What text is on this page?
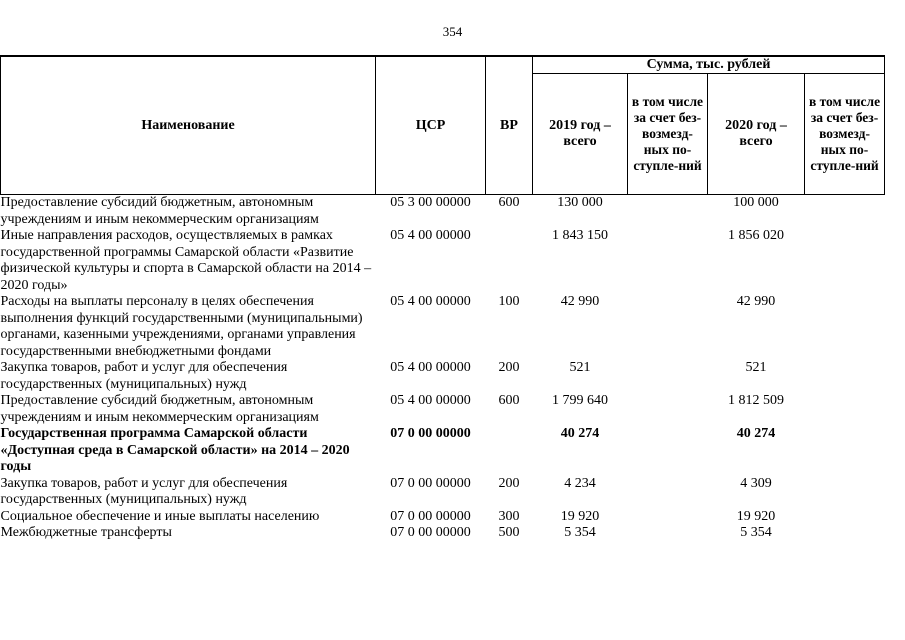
354
Наименование	ЦСР	ВР	Сумма, тыс. рублей			
			2019 год – всего	в том числе за счет без-возмезд-ных по-ступле-ний	2020 год – всего	в том числе за счет без-возмезд-ных по-ступле-ний
Предоставление субсидий бюджетным, автономным учреждениям и иным некоммерческим организациям	05 3 00 00000	600	130 000		100 000	
Иные направления расходов, осуществляемых в рамках государственной программы Самарской области «Развитие физической культуры и спорта в Самарской области на 2014 – 2020 годы»	05 4 00 00000		1 843 150		1 856 020	
Расходы на выплаты персоналу в целях обеспечения выполнения функций государственными (муниципальными) органами, казенными учреждениями, органами управления государственными внебюджетными фондами	05 4 00 00000	100	42 990		42 990	
Закупка товаров, работ и услуг для обеспечения государственных (муниципальных) нужд	05 4 00 00000	200	521		521	
Предоставление субсидий бюджетным, автономным учреждениям и иным некоммерческим организациям	05 4 00 00000	600	1 799 640		1 812 509	
Государственная программа Самарской области «Доступная среда в Самарской области» на 2014 – 2020 годы	07 0 00 00000		40 274		40 274	
Закупка товаров, работ и услуг для обеспечения государственных (муниципальных) нужд	07 0 00 00000	200	4 234		4 309	
Социальное обеспечение и иные выплаты населению	07 0 00 00000	300	19 920		19 920	
Межбюджетные трансферты	07 0 00 00000	500	5 354		5 354	
